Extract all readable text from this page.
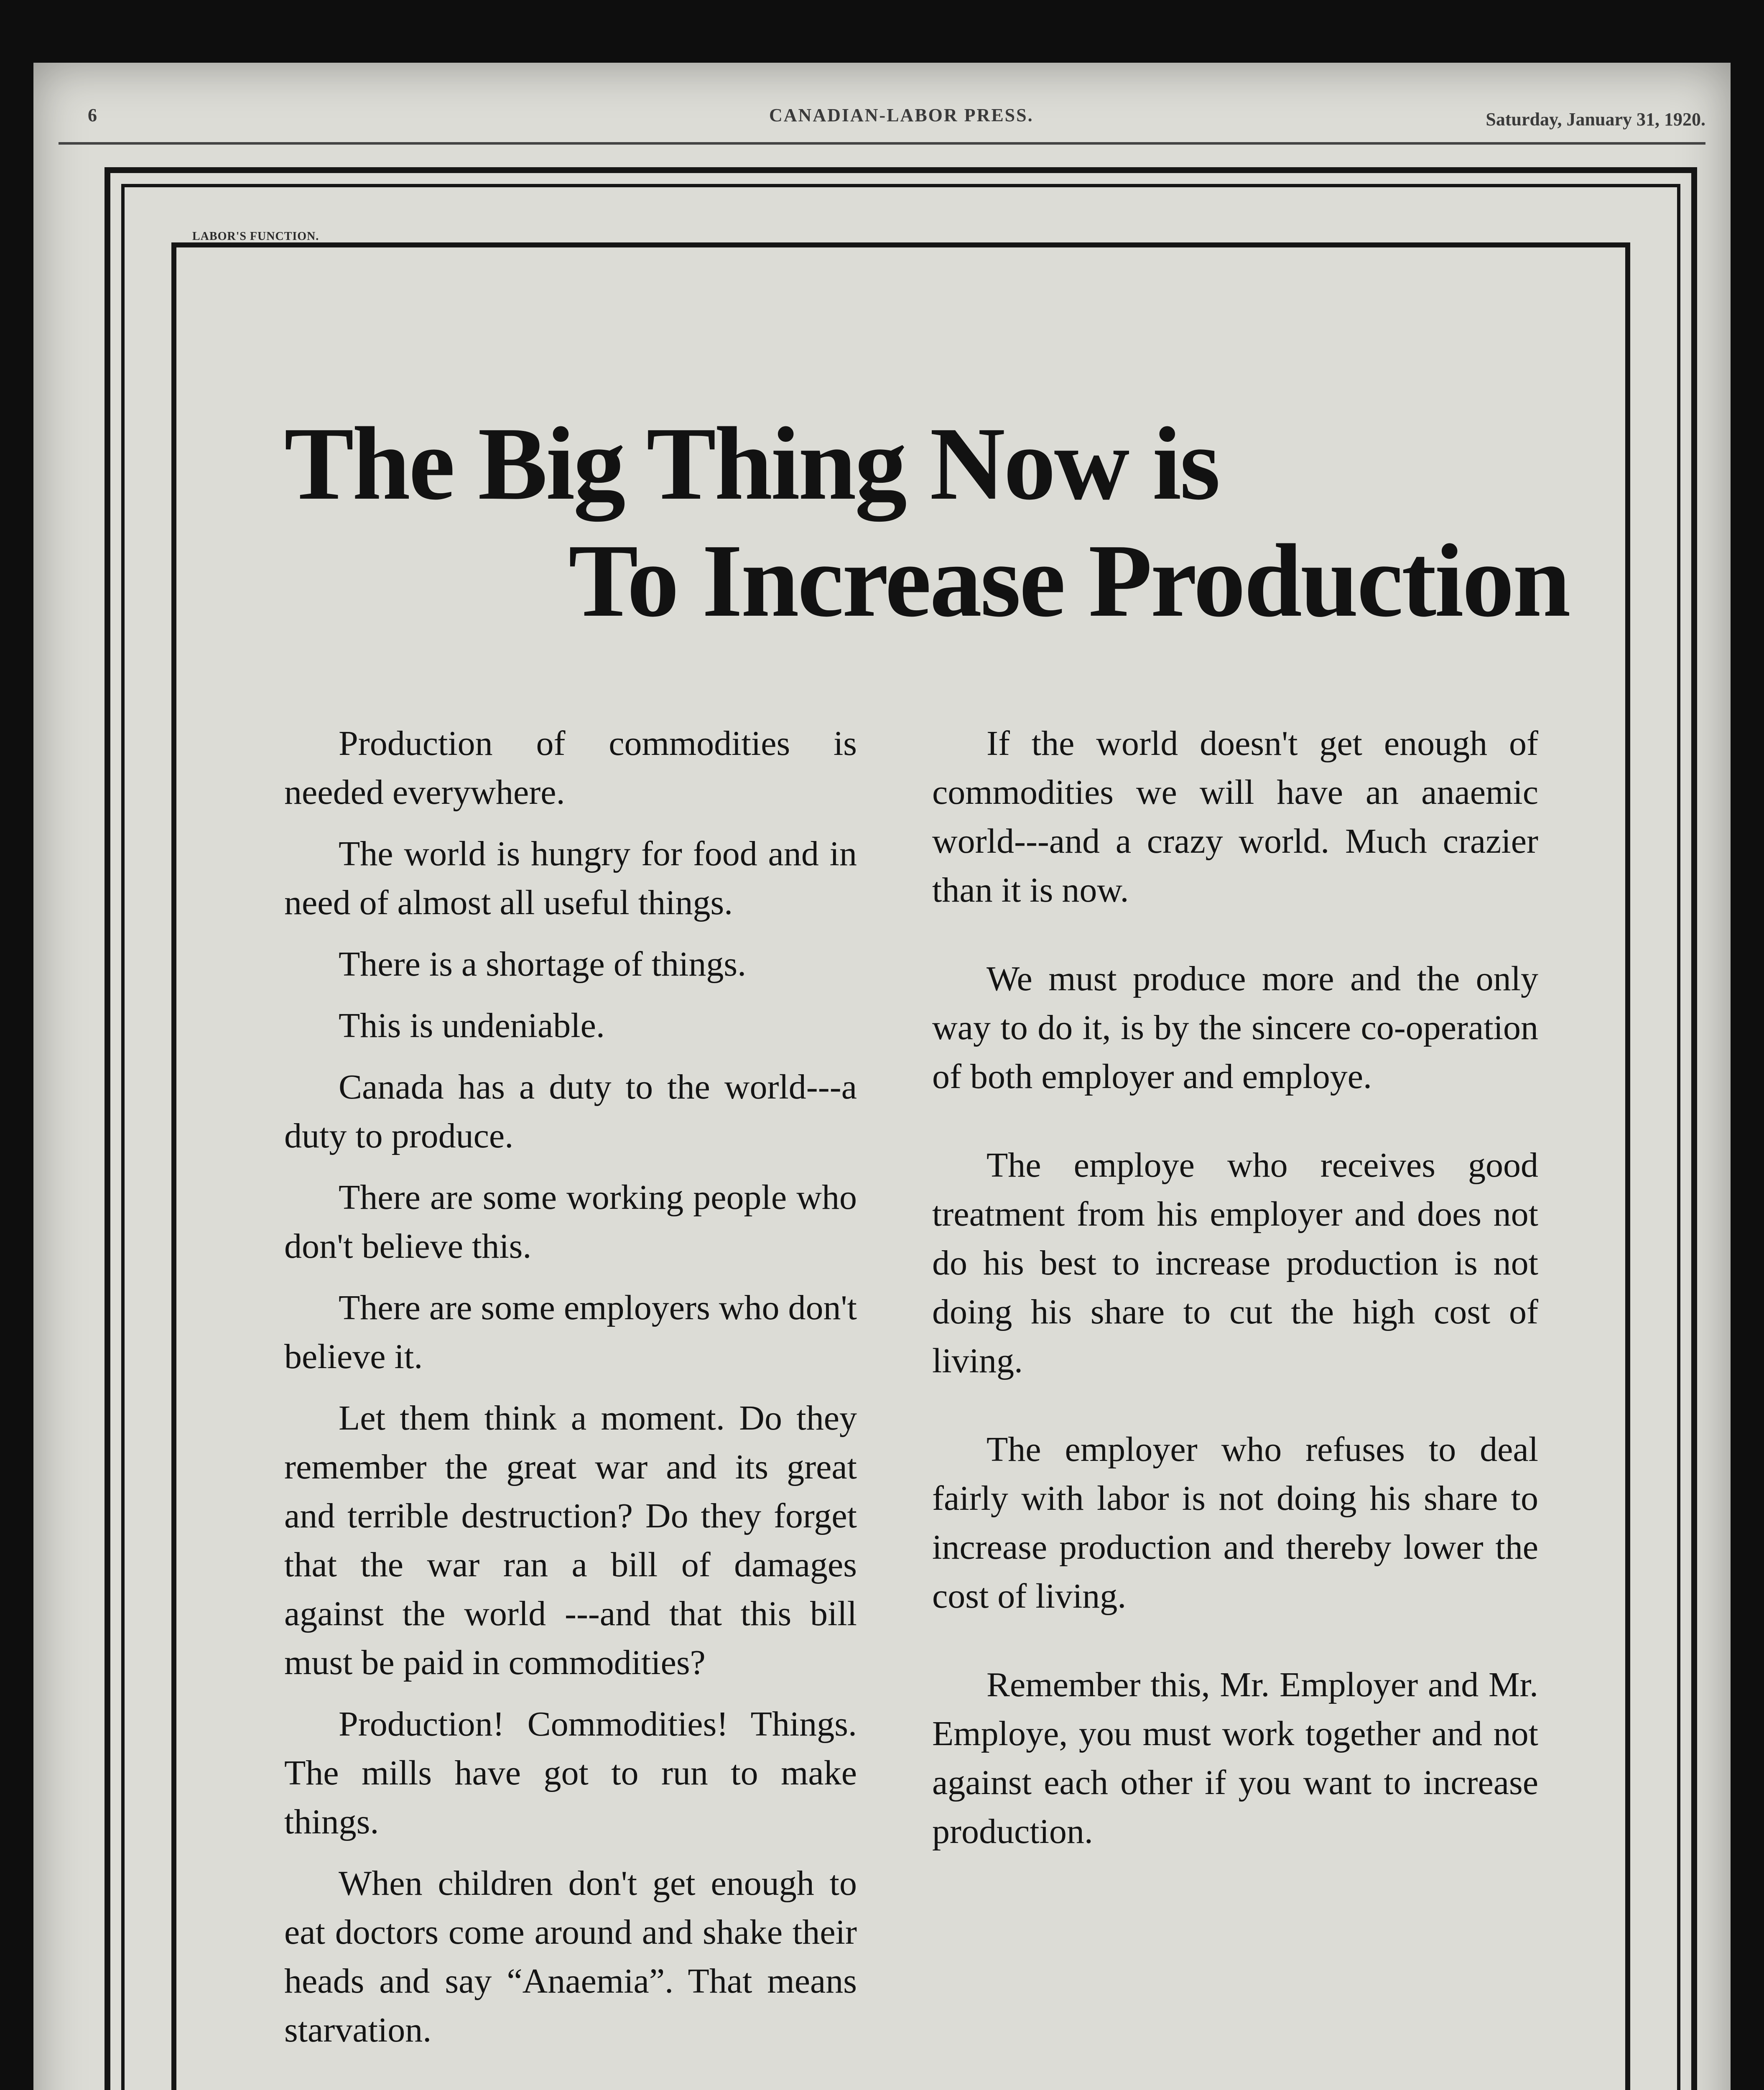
6	CANADIAN-LABOR PRESS.	Saturday, January 31, 1920.
LABOR'S FUNCTION.
The Big Thing Now is
To Increase Production

Production of commodities is needed everywhere.

The world is hungry for food and in need of almost all useful things.

There is a shortage of things.

This is undeniable.

Canada has a duty to the world---a duty to produce.

There are some working people who don't believe this.

There are some employers who don't believe it.

Let them think a moment. Do they remember the great war and its great and terrible destruction? Do they forget that the war ran a bill of damages against the world ---and that this bill must be paid in commodities?

Production! Commodities! Things. The mills have got to run to make things.

When children don't get enough to eat doctors come around and shake their heads and say “Anaemia”. That means starvation.

If the world doesn't get enough of commodities we will have an anaemic world---and a crazy world. Much crazier than it is now.

We must produce more and the only way to do it, is by the sincere co-operation of both employer and employe.

The employe who receives good treatment from his employer and does not do his best to increase production is not doing his share to cut the high cost of living.

The employer who refuses to deal fairly with labor is not doing his share to increase production and thereby lower the cost of living.

Remember this, Mr. Employer and Mr. Employe, you must work together and not against each other if you want to increase production.
